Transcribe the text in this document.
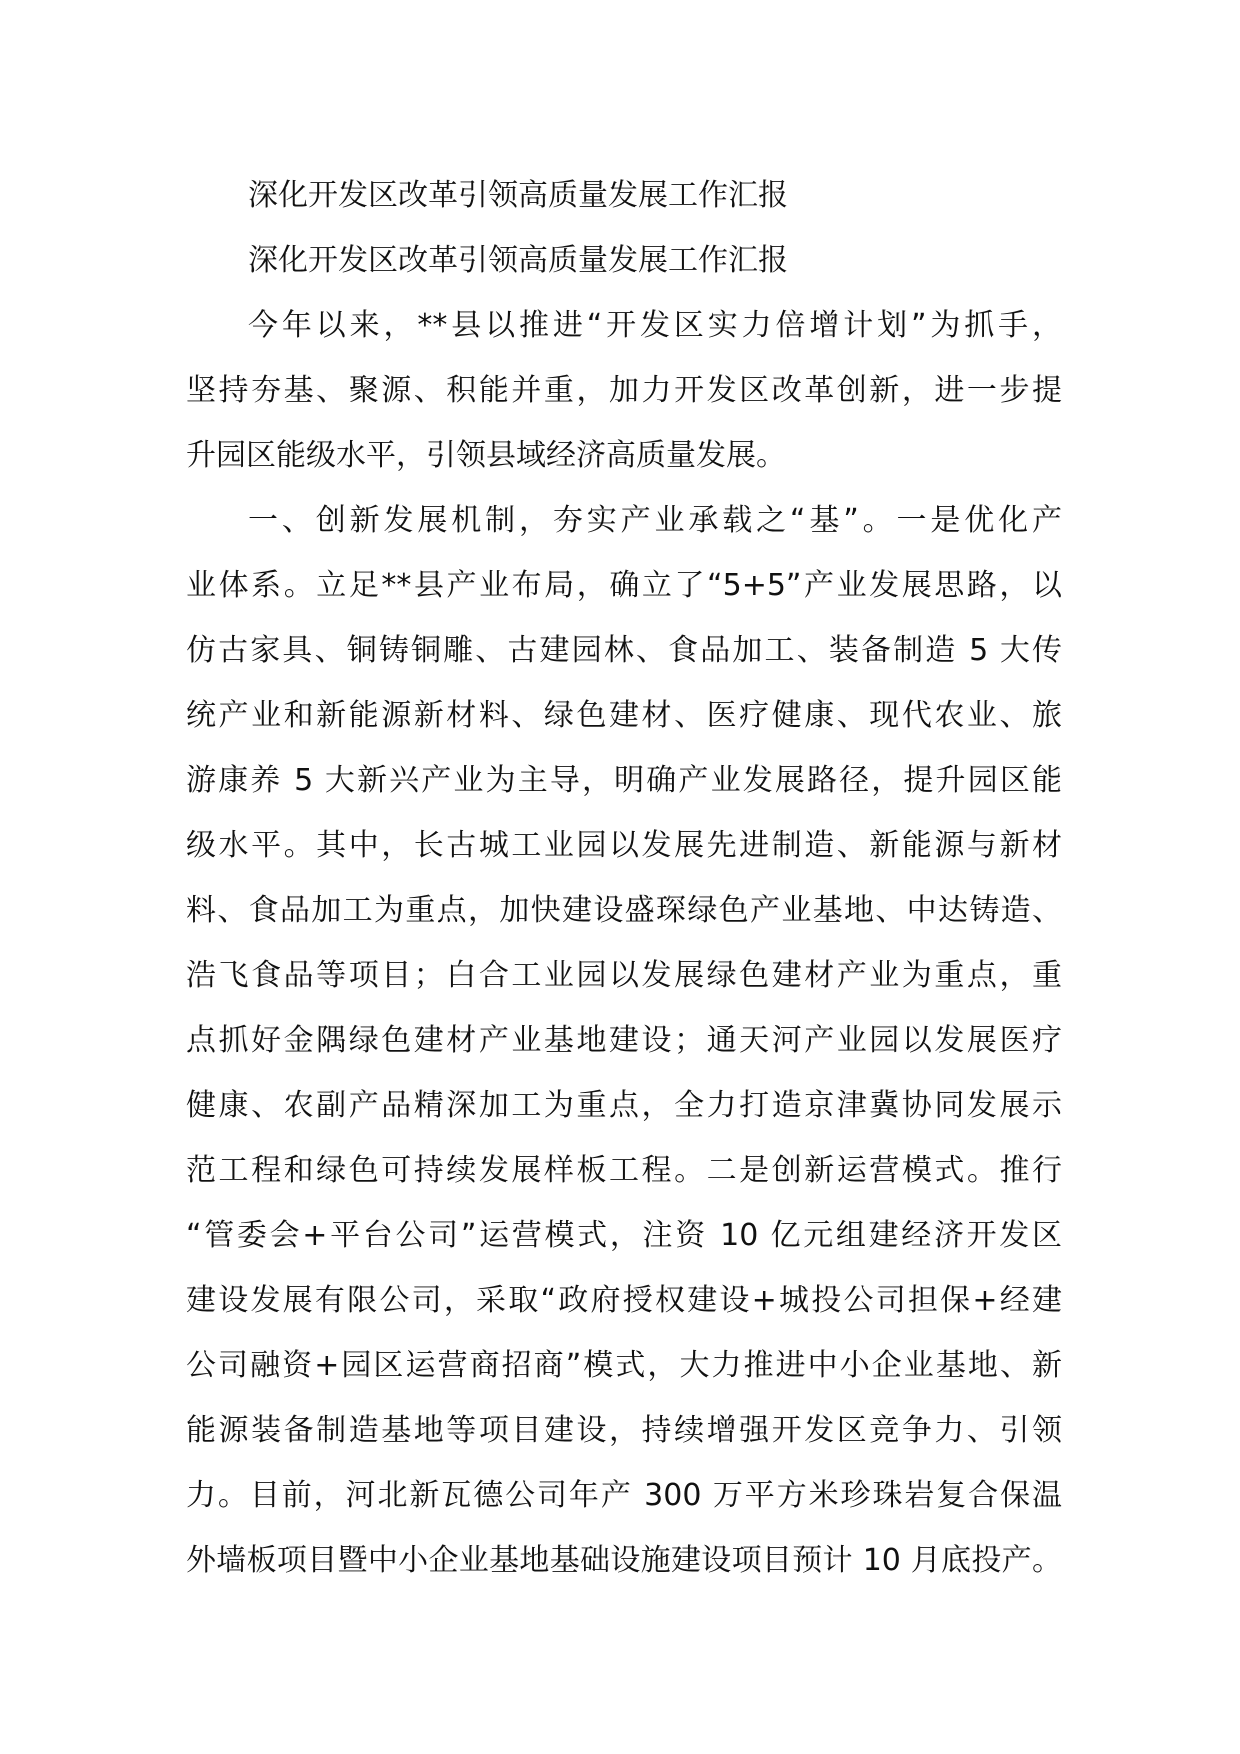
深化开发区改革引领高质量发展工作汇报

深化开发区改革引领高质量发展工作汇报

今年以来，**县以推进“开发区实力倍增计划”为抓手，

坚持夯基、聚源、积能并重，加力开发区改革创新，进一步提

升园区能级水平，引领县域经济高质量发展。

一、创新发展机制，夯实产业承载之“基”。一是优化产

业体系。立足**县产业布局，确立了“5+5”产业发展思路，以

仿古家具、铜铸铜雕、古建园林、食品加工、装备制造 5 大传

统产业和新能源新材料、绿色建材、医疗健康、现代农业、旅

游康养 5 大新兴产业为主导，明确产业发展路径，提升园区能

级水平。其中，长古城工业园以发展先进制造、新能源与新材

料、食品加工为重点，加快建设盛琛绿色产业基地、中达铸造、

浩飞食品等项目；白合工业园以发展绿色建材产业为重点，重

点抓好金隅绿色建材产业基地建设；通天河产业园以发展医疗

健康、农副产品精深加工为重点，全力打造京津冀协同发展示

范工程和绿色可持续发展样板工程。二是创新运营模式。推行

“管委会+平台公司”运营模式，注资 10 亿元组建经济开发区

建设发展有限公司，采取“政府授权建设+城投公司担保+经建

公司融资+园区运营商招商”模式，大力推进中小企业基地、新

能源装备制造基地等项目建设，持续增强开发区竞争力、引领

力。目前，河北新瓦德公司年产 300 万平方米珍珠岩复合保温

外墙板项目暨中小企业基地基础设施建设项目预计 10 月底投产。
